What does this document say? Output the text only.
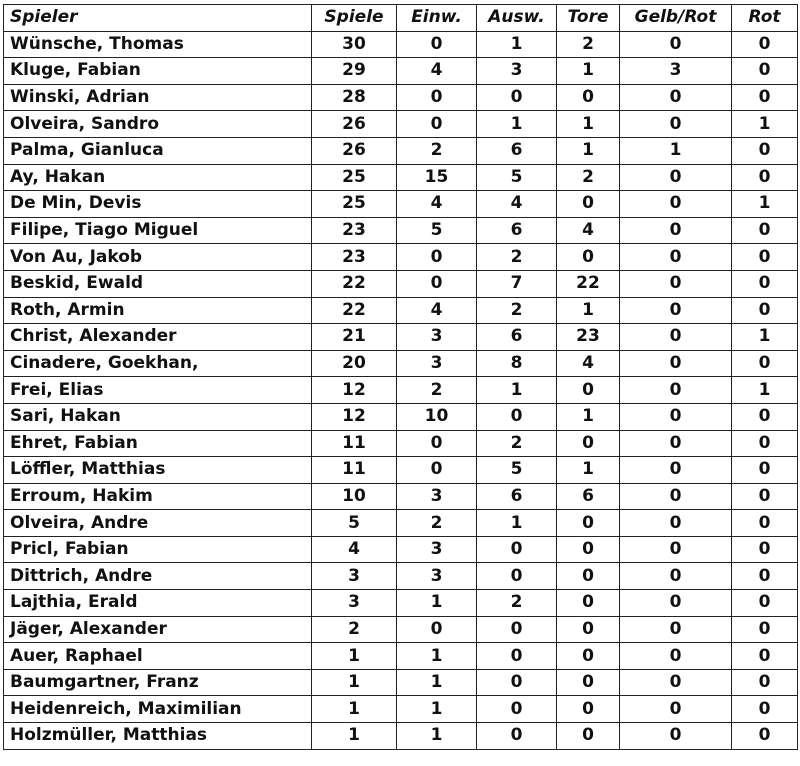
Spieler	Spiele	Einw.	Ausw.	Tore	Gelb/Rot	Rot
Wünsche, Thomas	30	0	1	2	0	0
Kluge, Fabian	29	4	3	1	3	0
Winski, Adrian	28	0	0	0	0	0
Olveira, Sandro	26	0	1	1	0	1
Palma, Gianluca	26	2	6	1	1	0
Ay, Hakan	25	15	5	2	0	0
De Min, Devis	25	4	4	0	0	1
Filipe, Tiago Miguel	23	5	6	4	0	0
Von Au, Jakob	23	0	2	0	0	0
Beskid, Ewald	22	0	7	22	0	0
Roth, Armin	22	4	2	1	0	0
Christ, Alexander	21	3	6	23	0	1
Cinadere, Goekhan,	20	3	8	4	0	0
Frei, Elias	12	2	1	0	0	1
Sari, Hakan	12	10	0	1	0	0
Ehret, Fabian	11	0	2	0	0	0
Löffler, Matthias	11	0	5	1	0	0
Erroum, Hakim	10	3	6	6	0	0
Olveira, Andre	5	2	1	0	0	0
Pricl, Fabian	4	3	0	0	0	0
Dittrich, Andre	3	3	0	0	0	0
Lajthia, Erald	3	1	2	0	0	0
Jäger, Alexander	2	0	0	0	0	0
Auer, Raphael	1	1	0	0	0	0
Baumgartner, Franz	1	1	0	0	0	0
Heidenreich, Maximilian	1	1	0	0	0	0
Holzmüller, Matthias	1	1	0	0	0	0
